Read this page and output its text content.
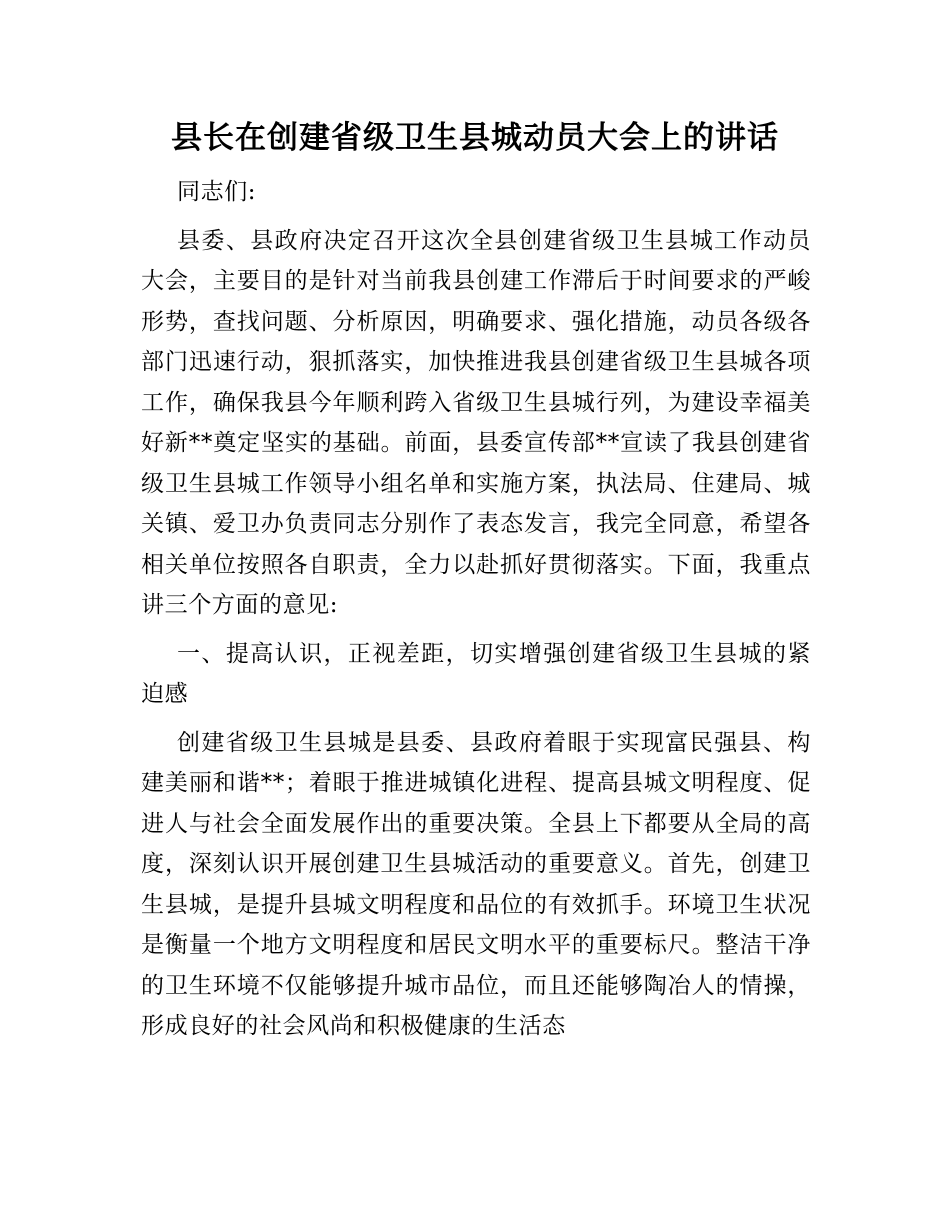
县长在创建省级卫生县城动员大会上的讲话

同志们:

县委、县政府决定召开这次全县创建省级卫生县城工作动员大会，主要目的是针对当前我县创建工作滞后于时间要求的严峻形势，查找问题、分析原因，明确要求、强化措施，动员各级各部门迅速行动，狠抓落实，加快推进我县创建省级卫生县城各项工作，确保我县今年顺利跨入省级卫生县城行列，为建设幸福美好新**奠定坚实的基础。前面，县委宣传部**宣读了我县创建省级卫生县城工作领导小组名单和实施方案，执法局、住建局、城关镇、爱卫办负责同志分别作了表态发言，我完全同意，希望各相关单位按照各自职责，全力以赴抓好贯彻落实。下面，我重点讲三个方面的意见:

一、提高认识，正视差距，切实增强创建省级卫生县城的紧迫感

创建省级卫生县城是县委、县政府着眼于实现富民强县、构建美丽和谐**；着眼于推进城镇化进程、提高县城文明程度、促进人与社会全面发展作出的重要决策。全县上下都要从全局的高度，深刻认识开展创建卫生县城活动的重要意义。首先，创建卫生县城，是提升县城文明程度和品位的有效抓手。环境卫生状况是衡量一个地方文明程度和居民文明水平的重要标尺。整洁干净的卫生环境不仅能够提升城市品位，而且还能够陶冶人的情操，形成良好的社会风尚和积极健康的生活态
